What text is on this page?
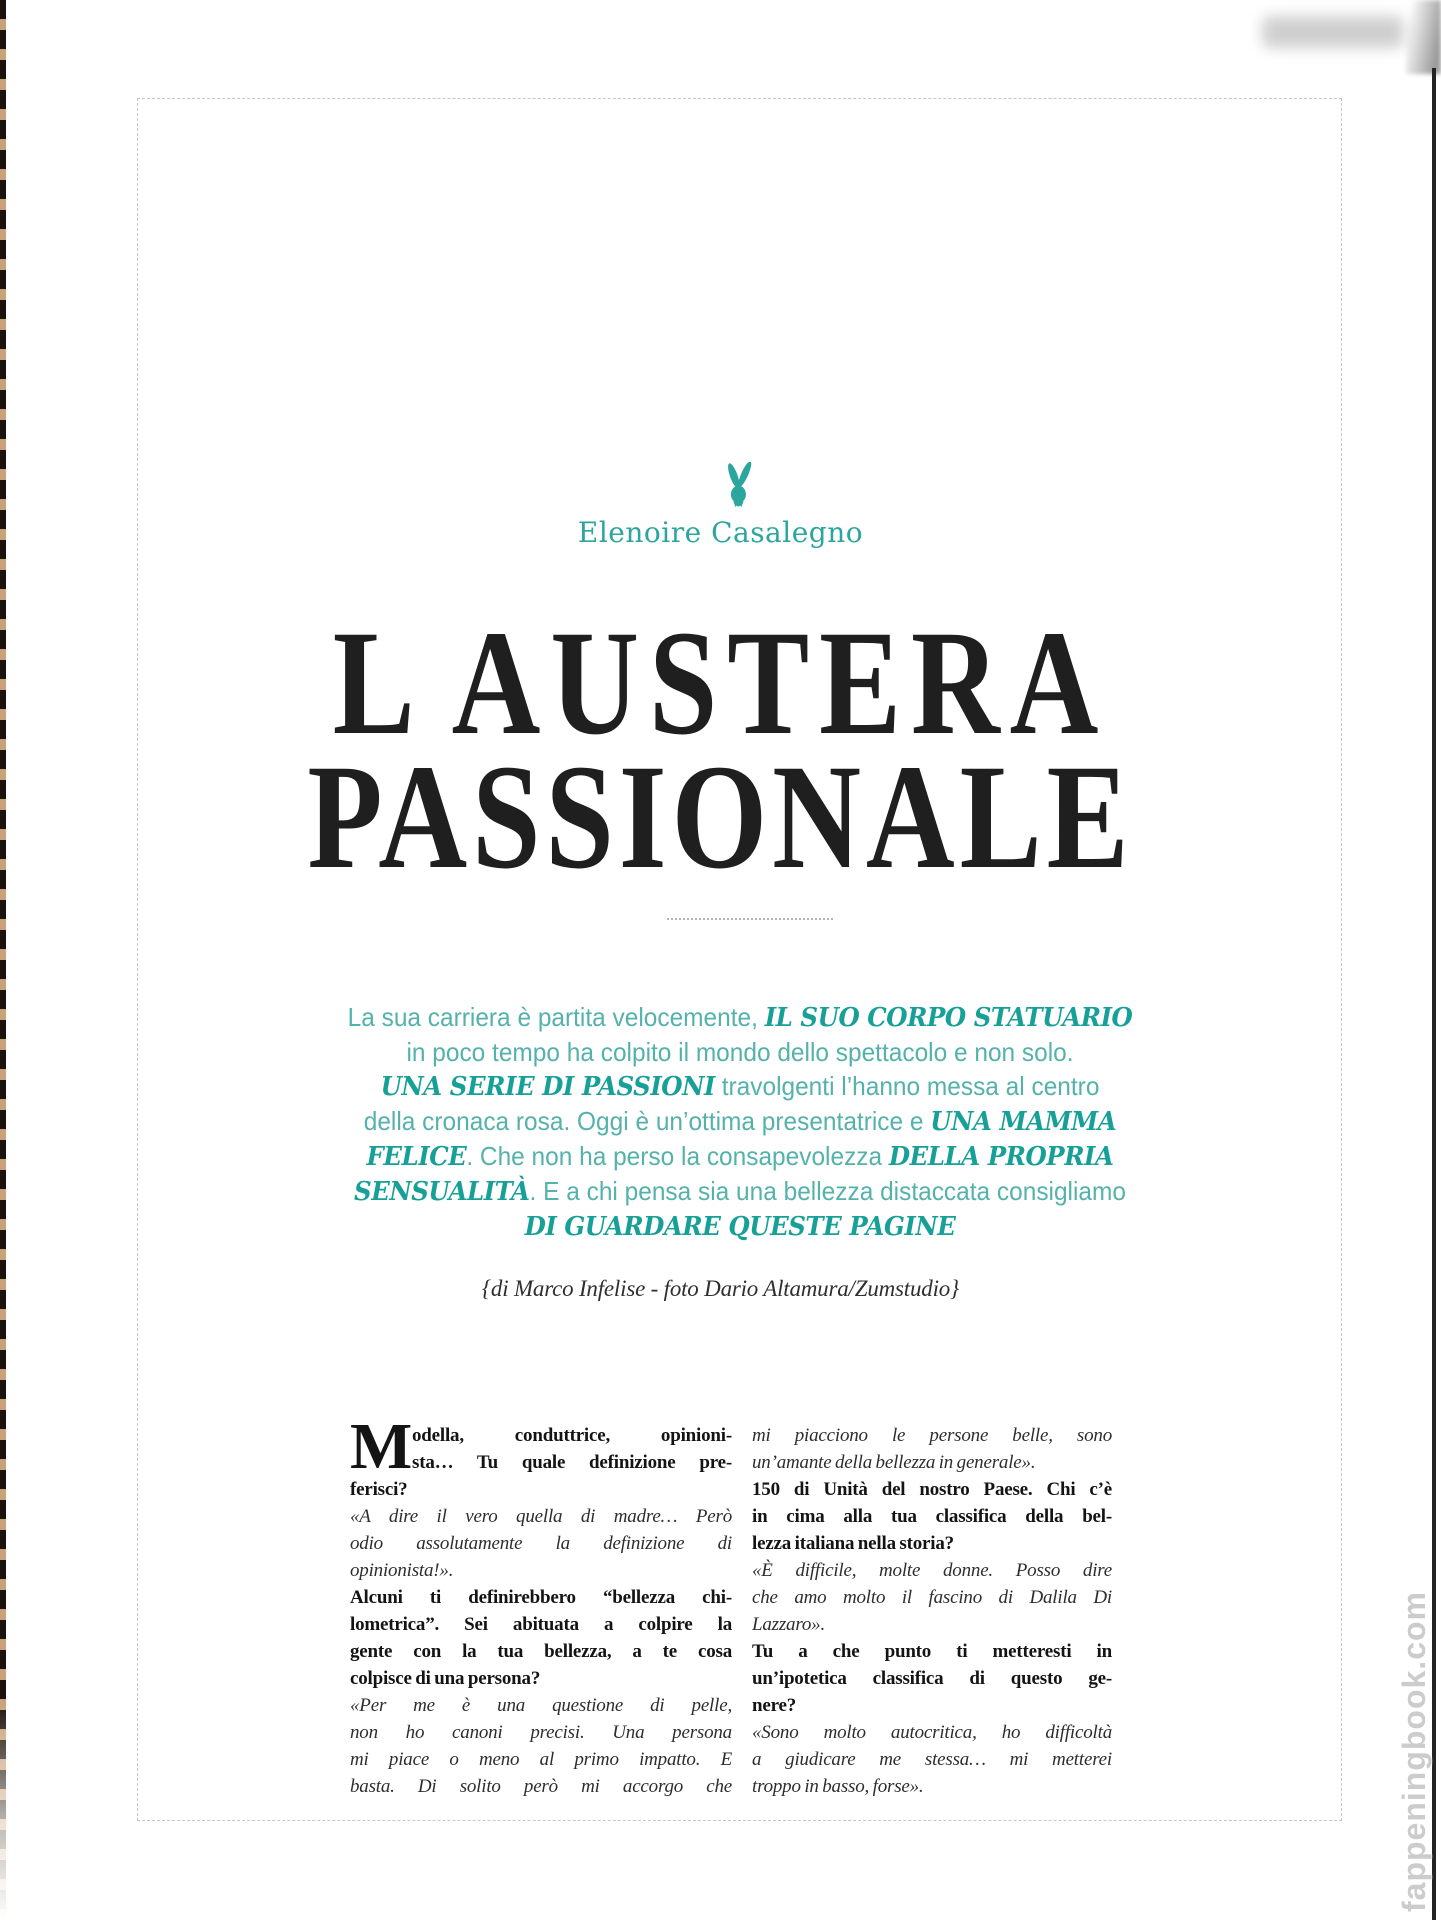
Elenoire Casalegno
L AUSTERA
PASSIONALE
La sua carriera è partita velocemente, IL SUO CORPO STATUARIO
in poco tempo ha colpito il mondo dello spettacolo e non solo.
UNA SERIE DI PASSIONI travolgenti l’hanno messa al centro
della cronaca rosa. Oggi è un’ottima presentatrice e UNA MAMMA
FELICE. Che non ha perso la consapevolezza DELLA PROPRIA
SENSUALITÀ. E a chi pensa sia una bellezza distaccata consigliamo
DI GUARDARE QUESTE PAGINE
{di Marco Infelise - foto Dario Altamura/Zumstudio}
M odella, conduttrice, opinioni-
sta… Tu quale definizione pre-
ferisci?
«A dire il vero quella di madre… Però
odio assolutamente la definizione di
opinionista!».
Alcuni ti definirebbero “bellezza chi-
lometrica”. Sei abituata a colpire la
gente con la tua bellezza, a te cosa
colpisce di una persona?
«Per me è una questione di pelle,
non ho canoni precisi. Una persona
mi piace o meno al primo impatto. E
basta. Di solito però mi accorgo che
mi piacciono le persone belle, sono
un’amante della bellezza in generale».
150 di Unità del nostro Paese. Chi c’è
in cima alla tua classifica della bel-
lezza italiana nella storia?
«È difficile, molte donne. Posso dire
che amo molto il fascino di Dalila Di
Lazzaro».
Tu a che punto ti metteresti in
un’ipotetica classifica di questo ge-
nere?
«Sono molto autocritica, ho difficoltà
a giudicare me stessa… mi metterei
troppo in basso, forse».	fappeningbook.com
